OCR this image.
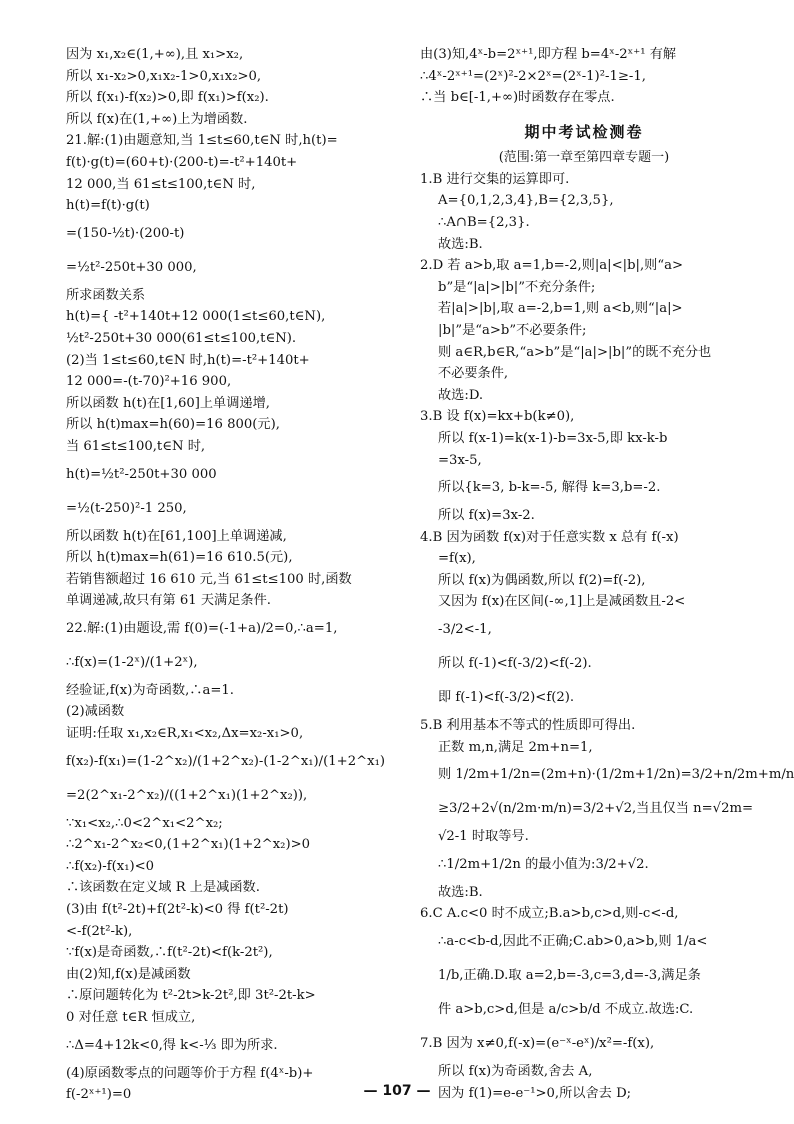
因为 x₁,x₂∈(1,+∞),且 x₁>x₂,
所以 x₁-x₂>0,x₁x₂-1>0,x₁x₂>0,
所以 f(x₁)-f(x₂)>0,即 f(x₁)>f(x₂).
所以 f(x)在(1,+∞)上为增函数.
21.解:(1)由题意知,当 1≤t≤60,t∈N 时,h(t)=
f(t)·g(t)=(60+t)·(200-t)=-t²+140t+
12 000,当 61≤t≤100,t∈N 时,
h(t)=f(t)·g(t)
=(150-½t)·(200-t)
=½t²-250t+30 000,
所求函数关系
h(t)={ -t²+140t+12 000(1≤t≤60,t∈N),
½t²-250t+30 000(61≤t≤100,t∈N).
(2)当 1≤t≤60,t∈N 时,h(t)=-t²+140t+
12 000=-(t-70)²+16 900,
所以函数 h(t)在[1,60]上单调递增,
所以 h(t)max=h(60)=16 800(元),
当 61≤t≤100,t∈N 时,
h(t)=½t²-250t+30 000
=½(t-250)²-1 250,
所以函数 h(t)在[61,100]上单调递减,
所以 h(t)max=h(61)=16 610.5(元),
若销售额超过 16 610 元,当 61≤t≤100 时,函数
单调递减,故只有第 61 天满足条件.
22.解:(1)由题设,需 f(0)=(-1+a)/2=0,∴a=1,
∴f(x)=(1-2ˣ)/(1+2ˣ),
经验证,f(x)为奇函数,∴a=1.
(2)减函数
证明:任取 x₁,x₂∈R,x₁<x₂,Δx=x₂-x₁>0,
f(x₂)-f(x₁)=(1-2^x₂)/(1+2^x₂)-(1-2^x₁)/(1+2^x₁)
=2(2^x₁-2^x₂)/((1+2^x₁)(1+2^x₂)),
∵x₁<x₂,∴0<2^x₁<2^x₂;
∴2^x₁-2^x₂<0,(1+2^x₁)(1+2^x₂)>0
∴f(x₂)-f(x₁)<0
∴该函数在定义域 R 上是减函数.
(3)由 f(t²-2t)+f(2t²-k)<0 得 f(t²-2t)
<-f(2t²-k),
∵f(x)是奇函数,∴f(t²-2t)<f(k-2t²),
由(2)知,f(x)是减函数
∴原问题转化为 t²-2t>k-2t²,即 3t²-2t-k>
0 对任意 t∈R 恒成立,
∴Δ=4+12k<0,得 k<-⅓ 即为所求.
(4)原函数零点的问题等价于方程 f(4ˣ-b)+
f(-2ˣ⁺¹)=0
由(3)知,4ˣ-b=2ˣ⁺¹,即方程 b=4ˣ-2ˣ⁺¹ 有解
∴4ˣ-2ˣ⁺¹=(2ˣ)²-2×2ˣ=(2ˣ-1)²-1≥-1,
∴当 b∈[-1,+∞)时函数存在零点.
期中考试检测卷
(范围:第一章至第四章专题一)
1.B 进行交集的运算即可.
A={0,1,2,3,4},B={2,3,5},
∴A∩B={2,3}.
故选:B.
2.D 若 a>b,取 a=1,b=-2,则|a|<|b|,则“a>
b”是“|a|>|b|”不充分条件;
若|a|>|b|,取 a=-2,b=1,则 a<b,则“|a|>
|b|”是“a>b”不必要条件;
则 a∈R,b∈R,“a>b”是“|a|>|b|”的既不充分也
不必要条件,
故选:D.
3.B 设 f(x)=kx+b(k≠0),
所以 f(x-1)=k(x-1)-b=3x-5,即 kx-k-b
=3x-5,
所以{k=3, b-k=-5, 解得 k=3,b=-2.
所以 f(x)=3x-2.
4.B 因为函数 f(x)对于任意实数 x 总有 f(-x)
=f(x),
所以 f(x)为偶函数,所以 f(2)=f(-2),
又因为 f(x)在区间(-∞,1]上是减函数且-2<
-3/2<-1,
所以 f(-1)<f(-3/2)<f(-2).
即 f(-1)<f(-3/2)<f(2).
5.B 利用基本不等式的性质即可得出.
正数 m,n,满足 2m+n=1,
则 1/2m+1/2n=(2m+n)·(1/2m+1/2n)=3/2+n/2m+m/n
≥3/2+2√(n/2m·m/n)=3/2+√2,当且仅当 n=√2m=
√2-1 时取等号.
∴1/2m+1/2n 的最小值为:3/2+√2.
故选:B.
6.C A.c<0 时不成立;B.a>b,c>d,则-c<-d,
∴a-c<b-d,因此不正确;C.ab>0,a>b,则 1/a<
1/b,正确.D.取 a=2,b=-3,c=3,d=-3,满足条
件 a>b,c>d,但是 a/c>b/d 不成立.故选:C.
7.B 因为 x≠0,f(-x)=(e⁻ˣ-eˣ)/x²=-f(x),
所以 f(x)为奇函数,舍去 A,
因为 f(1)=e-e⁻¹>0,所以舍去 D;
— 107 —
